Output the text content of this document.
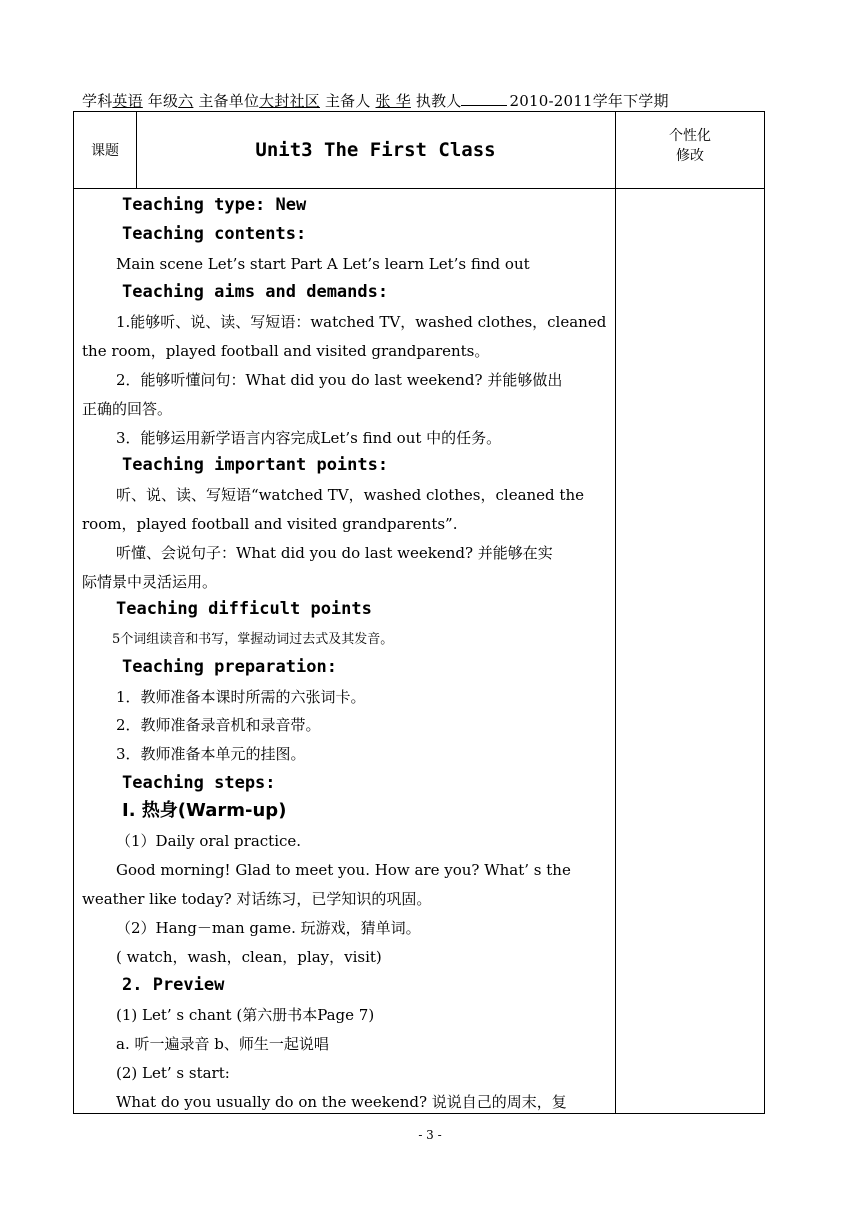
学科英语 年级六 主备单位大封社区 主备人 张 华 执教人	2010-2011学年下学期
课题	Unit3 The First Class
个性化
修改
Teaching type: New
Teaching contents:
Main scene Let’s start Part A Let’s learn Let’s find out
Teaching aims and demands:
1.能够听、说、读、写短语：watched TV，washed clothes，cleaned
the room，played football and visited grandparents。
2．能够听懂问句：What did you do last weekend? 并能够做出
正确的回答。
3．能够运用新学语言内容完成Let’s find out 中的任务。
Teaching important points:
听、说、读、写短语“watched TV，washed clothes，cleaned the
room，played football and visited grandparents”.
听懂、会说句子：What did you do last weekend? 并能够在实
际情景中灵活运用。
Teaching difficult points
5个词组读音和书写，掌握动词过去式及其发音。
Teaching preparation:
1．教师准备本课时所需的六张词卡。
2．教师准备录音机和录音带。
3．教师准备本单元的挂图。
Teaching steps:
Ⅰ. 热身(Warm-up)
（1）Daily oral practice.
Good morning! Glad to meet you. How are you? What’ s the
weather like today? 对话练习，已学知识的巩固。
（2）Hang－man game. 玩游戏，猜单词。
( watch，wash，clean，play，visit)
2. Preview
(1) Let’ s chant (第六册书本Page 7)
a. 听一遍录音 b、师生一起说唱
(2) Let’ s start:
What do you usually do on the weekend? 说说自己的周末，复
- 3 -
